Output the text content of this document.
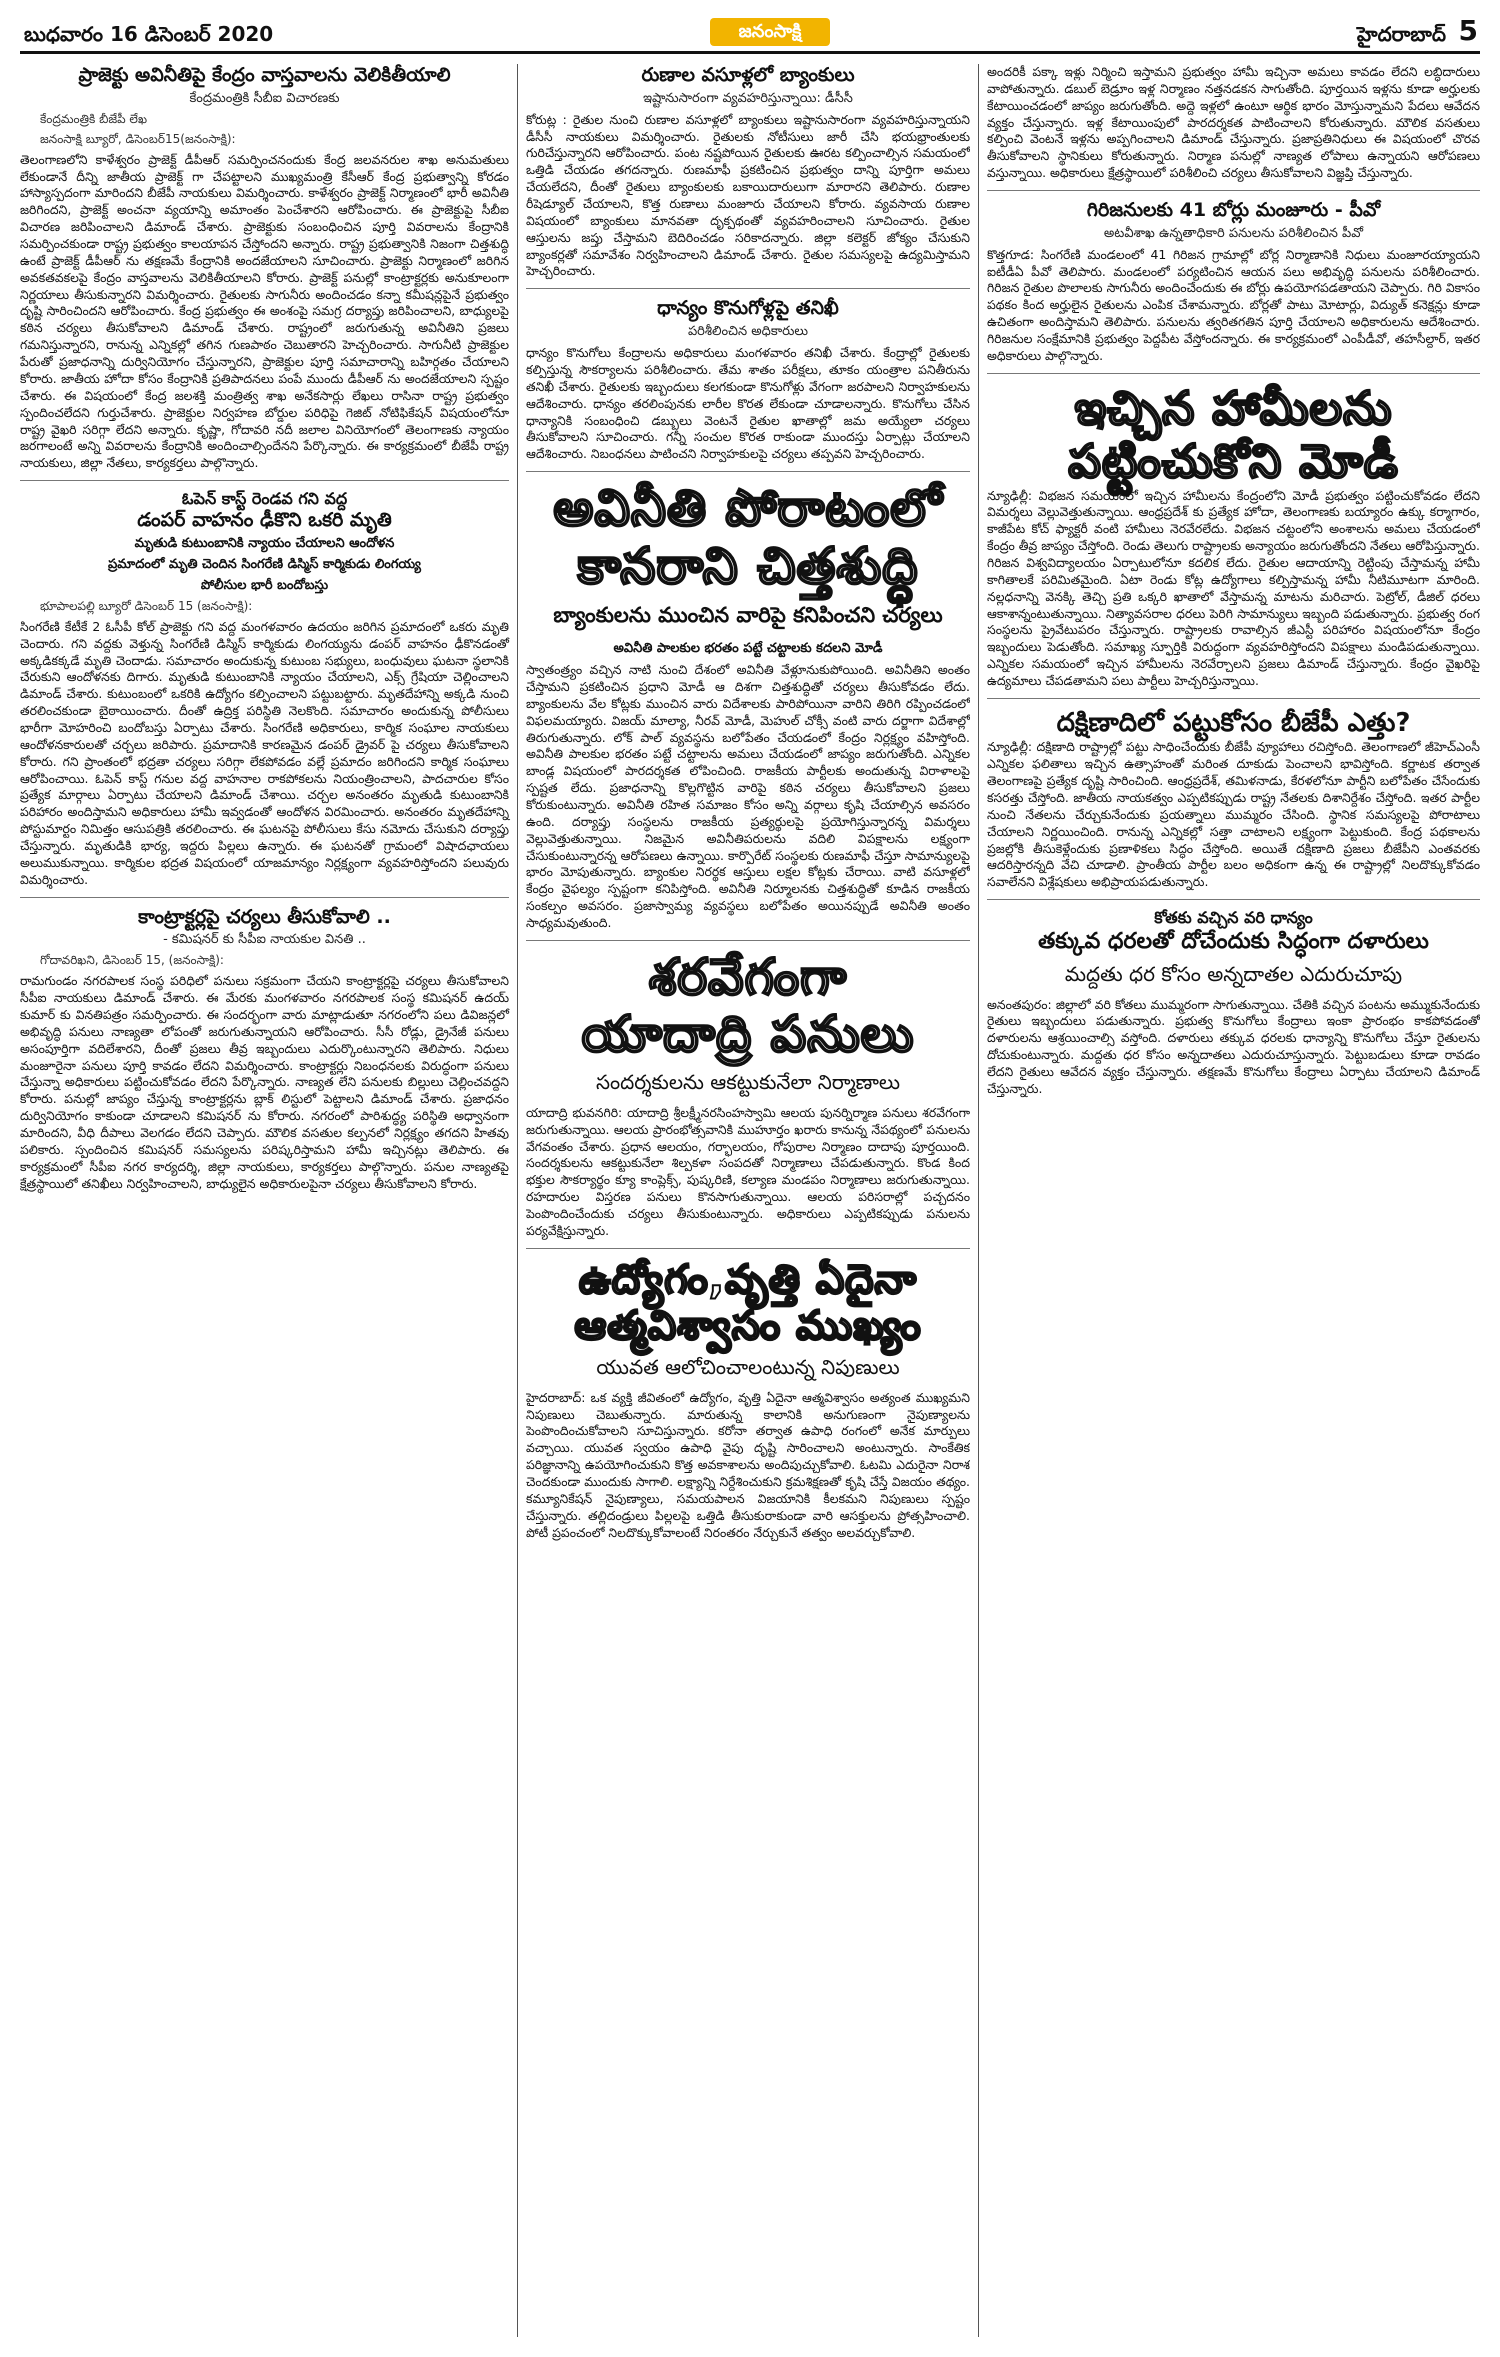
బుధవారం 16 డిసెంబర్ 2020	జనంసాక్షి	హైదరాబాద్ 5
ప్రాజెక్టు అవినీతిపై కేంద్రం వాస్తవాలను వెలికితీయాలి
కేంద్రమంత్రికి సీబీఐ విచారణకు
కేంద్రమంత్రికి బీజేపీ లేఖ
జనంసాక్షి బ్యూరో, డిసెంబర్15(జనంసాక్షి):
తెలంగాణలోని కాళేశ్వరం ప్రాజెక్ట్ డీపీఆర్ సమర్పించనందుకు కేంద్ర జలవనరుల శాఖ అనుమతులు లేకుండానే దీన్ని జాతీయ ప్రాజెక్ట్ గా చేపట్టాలని ముఖ్యమంత్రి కేసీఆర్ కేంద్ర ప్రభుత్వాన్ని కోరడం హాస్యాస్పదంగా మారిందని బీజేపీ నాయకులు విమర్శించారు. కాళేశ్వరం ప్రాజెక్ట్ నిర్మాణంలో భారీ అవినీతి జరిగిందని, ప్రాజెక్ట్ అంచనా వ్యయాన్ని అమాంతం పెంచేశారని ఆరోపించారు. ఈ ప్రాజెక్టుపై సీబీఐ విచారణ జరిపించాలని డిమాండ్ చేశారు. ప్రాజెక్టుకు సంబంధించిన పూర్తి వివరాలను కేంద్రానికి సమర్పించకుండా రాష్ట్ర ప్రభుత్వం కాలయాపన చేస్తోందని అన్నారు. రాష్ట్ర ప్రభుత్వానికి నిజంగా చిత్తశుద్ధి ఉంటే ప్రాజెక్ట్ డీపీఆర్ ను తక్షణమే కేంద్రానికి అందజేయాలని సూచించారు. ప్రాజెక్టు నిర్మాణంలో జరిగిన అవకతవకలపై కేంద్రం వాస్తవాలను వెలికితీయాలని కోరారు. ప్రాజెక్ట్ పనుల్లో కాంట్రాక్టర్లకు అనుకూలంగా నిర్ణయాలు తీసుకున్నారని విమర్శించారు. రైతులకు సాగునీరు అందించడం కన్నా కమీషన్లపైనే ప్రభుత్వం దృష్టి సారించిందని ఆరోపించారు. కేంద్ర ప్రభుత్వం ఈ అంశంపై సమగ్ర దర్యాప్తు జరిపించాలని, బాధ్యులపై కఠిన చర్యలు తీసుకోవాలని డిమాండ్ చేశారు. రాష్ట్రంలో జరుగుతున్న అవినీతిని ప్రజలు గమనిస్తున్నారని, రానున్న ఎన్నికల్లో తగిన గుణపాఠం చెబుతారని హెచ్చరించారు. సాగునీటి ప్రాజెక్టుల పేరుతో ప్రజాధనాన్ని దుర్వినియోగం చేస్తున్నారని, ప్రాజెక్టుల పూర్తి సమాచారాన్ని బహిర్గతం చేయాలని కోరారు. జాతీయ హోదా కోసం కేంద్రానికి ప్రతిపాదనలు పంపే ముందు డీపీఆర్ ను అందజేయాలని స్పష్టం చేశారు. ఈ విషయంలో కేంద్ర జలశక్తి మంత్రిత్వ శాఖ అనేకసార్లు లేఖలు రాసినా రాష్ట్ర ప్రభుత్వం స్పందించలేదని గుర్తుచేశారు. ప్రాజెక్టుల నిర్వహణ బోర్డుల పరిధిపై గెజిట్ నోటిఫికేషన్ విషయంలోనూ రాష్ట్ర వైఖరి సరిగ్గా లేదని అన్నారు. కృష్ణా, గోదావరి నదీ జలాల వినియోగంలో తెలంగాణకు న్యాయం జరగాలంటే అన్ని వివరాలను కేంద్రానికి అందించాల్సిందేనని పేర్కొన్నారు. ఈ కార్యక్రమంలో బీజేపీ రాష్ట్ర నాయకులు, జిల్లా నేతలు, కార్యకర్తలు పాల్గొన్నారు.
ఓపెన్ కాస్ట్ రెండవ గని వద్ద
డంపర్ వాహనం ఢీకొని ఒకరి మృతి
మృతుడి కుటుంబానికి న్యాయం చేయాలని ఆందోళన
ప్రమాదంలో మృతి చెందిన సింగరేణి డిస్మిస్ కార్మికుడు లింగయ్య
పోలీసుల భారీ బందోబస్తు
భూపాలపల్లి బ్యూరో డిసెంబర్ 15 (జనంసాక్షి):
సింగరేణి కేటీకే 2 ఓసీపీ కోల్ ప్రాజెక్టు గని వద్ద మంగళవారం ఉదయం జరిగిన ప్రమాదంలో ఒకరు మృతి చెందారు. గని వద్దకు వెళ్తున్న సింగరేణి డిస్మిస్ కార్మికుడు లింగయ్యను డంపర్ వాహనం ఢీకొనడంతో అక్కడికక్కడే మృతి చెందాడు. సమాచారం అందుకున్న కుటుంబ సభ్యులు, బంధువులు ఘటనా స్థలానికి చేరుకుని ఆందోళనకు దిగారు. మృతుడి కుటుంబానికి న్యాయం చేయాలని, ఎక్స్ గ్రేషియా చెల్లించాలని డిమాండ్ చేశారు. కుటుంబంలో ఒకరికి ఉద్యోగం కల్పించాలని పట్టుబట్టారు. మృతదేహాన్ని అక్కడి నుంచి తరలించకుండా బైఠాయించారు. దీంతో ఉద్రిక్త పరిస్థితి నెలకొంది. సమాచారం అందుకున్న పోలీసులు భారీగా మోహరించి బందోబస్తు ఏర్పాటు చేశారు. సింగరేణి అధికారులు, కార్మిక సంఘాల నాయకులు ఆందోళనకారులతో చర్చలు జరిపారు. ప్రమాదానికి కారణమైన డంపర్ డ్రైవర్ పై చర్యలు తీసుకోవాలని కోరారు. గని ప్రాంతంలో భద్రతా చర్యలు సరిగ్గా లేకపోవడం వల్లే ప్రమాదం జరిగిందని కార్మిక సంఘాలు ఆరోపించాయి. ఓపెన్ కాస్ట్ గనుల వద్ద వాహనాల రాకపోకలను నియంత్రించాలని, పాదచారుల కోసం ప్రత్యేక మార్గాలు ఏర్పాటు చేయాలని డిమాండ్ చేశాయి. చర్చల అనంతరం మృతుడి కుటుంబానికి పరిహారం అందిస్తామని అధికారులు హామీ ఇవ్వడంతో ఆందోళన విరమించారు. అనంతరం మృతదేహాన్ని పోస్టుమార్టం నిమిత్తం ఆసుపత్రికి తరలించారు. ఈ ఘటనపై పోలీసులు కేసు నమోదు చేసుకుని దర్యాప్తు చేస్తున్నారు. మృతుడికి భార్య, ఇద్దరు పిల్లలు ఉన్నారు. ఈ ఘటనతో గ్రామంలో విషాదఛాయలు అలుముకున్నాయి. కార్మికుల భద్రత విషయంలో యాజమాన్యం నిర్లక్ష్యంగా వ్యవహరిస్తోందని పలువురు విమర్శించారు.
కాంట్రాక్టర్లపై చర్యలు తీసుకోవాలి ..
- కమిషనర్ కు సీపీఐ నాయకుల వినతి ..
గోదావరిఖని, డిసెంబర్ 15, (జనంసాక్షి):
రామగుండం నగరపాలక సంస్థ పరిధిలో పనులు సక్రమంగా చేయని కాంట్రాక్టర్లపై చర్యలు తీసుకోవాలని సీపీఐ నాయకులు డిమాండ్ చేశారు. ఈ మేరకు మంగళవారం నగరపాలక సంస్థ కమిషనర్ ఉదయ్ కుమార్ కు వినతిపత్రం సమర్పించారు. ఈ సందర్భంగా వారు మాట్లాడుతూ నగరంలోని పలు డివిజన్లలో అభివృద్ధి పనులు నాణ్యతా లోపంతో జరుగుతున్నాయని ఆరోపించారు. సీసీ రోడ్లు, డ్రైనేజీ పనులు అసంపూర్తిగా వదిలేశారని, దీంతో ప్రజలు తీవ్ర ఇబ్బందులు ఎదుర్కొంటున్నారని తెలిపారు. నిధులు మంజూరైనా పనులు పూర్తి కావడం లేదని విమర్శించారు. కాంట్రాక్టర్లు నిబంధనలకు విరుద్ధంగా పనులు చేస్తున్నా అధికారులు పట్టించుకోవడం లేదని పేర్కొన్నారు. నాణ్యత లేని పనులకు బిల్లులు చెల్లించవద్దని కోరారు. పనుల్లో జాప్యం చేస్తున్న కాంట్రాక్టర్లను బ్లాక్ లిస్టులో పెట్టాలని డిమాండ్ చేశారు. ప్రజాధనం దుర్వినియోగం కాకుండా చూడాలని కమిషనర్ ను కోరారు. నగరంలో పారిశుద్ధ్య పరిస్థితి అధ్వానంగా మారిందని, వీధి దీపాలు వెలగడం లేదని చెప్పారు. మౌలిక వసతుల కల్పనలో నిర్లక్ష్యం తగదని హితవు పలికారు. స్పందించిన కమిషనర్ సమస్యలను పరిష్కరిస్తామని హామీ ఇచ్చినట్లు తెలిపారు. ఈ కార్యక్రమంలో సీపీఐ నగర కార్యదర్శి, జిల్లా నాయకులు, కార్యకర్తలు పాల్గొన్నారు. పనుల నాణ్యతపై క్షేత్రస్థాయిలో తనిఖీలు నిర్వహించాలని, బాధ్యులైన అధికారులపైనా చర్యలు తీసుకోవాలని కోరారు.
రుణాల వసూళ్లలో బ్యాంకులు
ఇష్టానుసారంగా వ్యవహరిస్తున్నాయి: డీసీసీ
కోరుట్ల : రైతుల నుంచి రుణాల వసూళ్లలో బ్యాంకులు ఇష్టానుసారంగా వ్యవహరిస్తున్నాయని డీసీసీ నాయకులు విమర్శించారు. రైతులకు నోటీసులు జారీ చేసి భయభ్రాంతులకు గురిచేస్తున్నారని ఆరోపించారు. పంట నష్టపోయిన రైతులకు ఊరట కల్పించాల్సిన సమయంలో ఒత్తిడి చేయడం తగదన్నారు. రుణమాఫీ ప్రకటించిన ప్రభుత్వం దాన్ని పూర్తిగా అమలు చేయలేదని, దీంతో రైతులు బ్యాంకులకు బకాయిదారులుగా మారారని తెలిపారు. రుణాల రీషెడ్యూల్ చేయాలని, కొత్త రుణాలు మంజూరు చేయాలని కోరారు. వ్యవసాయ రుణాల విషయంలో బ్యాంకులు మానవతా దృక్పథంతో వ్యవహరించాలని సూచించారు. రైతుల ఆస్తులను జప్తు చేస్తామని బెదిరించడం సరికాదన్నారు. జిల్లా కలెక్టర్ జోక్యం చేసుకుని బ్యాంకర్లతో సమావేశం నిర్వహించాలని డిమాండ్ చేశారు. రైతుల సమస్యలపై ఉద్యమిస్తామని హెచ్చరించారు.
ధాన్యం కొనుగోళ్లపై తనిఖీ
పరిశీలించిన అధికారులు
ధాన్యం కొనుగోలు కేంద్రాలను అధికారులు మంగళవారం తనిఖీ చేశారు. కేంద్రాల్లో రైతులకు కల్పిస్తున్న సౌకర్యాలను పరిశీలించారు. తేమ శాతం పరీక్షలు, తూకం యంత్రాల పనితీరును తనిఖీ చేశారు. రైతులకు ఇబ్బందులు కలగకుండా కొనుగోళ్లు వేగంగా జరపాలని నిర్వాహకులను ఆదేశించారు. ధాన్యం తరలింపునకు లారీల కొరత లేకుండా చూడాలన్నారు. కొనుగోలు చేసిన ధాన్యానికి సంబంధించి డబ్బులు వెంటనే రైతుల ఖాతాల్లో జమ అయ్యేలా చర్యలు తీసుకోవాలని సూచించారు. గన్నీ సంచుల కొరత రాకుండా ముందస్తు ఏర్పాట్లు చేయాలని ఆదేశించారు. నిబంధనలు పాటించని నిర్వాహకులపై చర్యలు తప్పవని హెచ్చరించారు.
అవినీతి పోరాటంలో
కానరాని చిత్తశుద్ధి
బ్యాంకులను ముంచిన వారిపై కనిపించని చర్యలు
అవినీతి పాలకుల భరతం పట్టే చట్టాలకు కదలని మోడీ
స్వాతంత్ర్యం వచ్చిన నాటి నుంచి దేశంలో అవినీతి వేళ్లూనుకుపోయింది. అవినీతిని అంతం చేస్తామని ప్రకటించిన ప్రధాని మోడీ ఆ దిశగా చిత్తశుద్ధితో చర్యలు తీసుకోవడం లేదు. బ్యాంకులను వేల కోట్లకు ముంచిన వారు విదేశాలకు పారిపోయినా వారిని తిరిగి రప్పించడంలో విఫలమయ్యారు. విజయ్ మాల్యా, నీరవ్ మోడీ, మెహుల్ చోక్సీ వంటి వారు దర్జాగా విదేశాల్లో తిరుగుతున్నారు. లోక్ పాల్ వ్యవస్థను బలోపేతం చేయడంలో కేంద్రం నిర్లక్ష్యం వహిస్తోంది. అవినీతి పాలకుల భరతం పట్టే చట్టాలను అమలు చేయడంలో జాప్యం జరుగుతోంది. ఎన్నికల బాండ్ల విషయంలో పారదర్శకత లోపించింది. రాజకీయ పార్టీలకు అందుతున్న విరాళాలపై స్పష్టత లేదు. ప్రజాధనాన్ని కొల్లగొట్టిన వారిపై కఠిన చర్యలు తీసుకోవాలని ప్రజలు కోరుకుంటున్నారు. అవినీతి రహిత సమాజం కోసం అన్ని వర్గాలు కృషి చేయాల్సిన అవసరం ఉంది. దర్యాప్తు సంస్థలను రాజకీయ ప్రత్యర్థులపై ప్రయోగిస్తున్నారన్న విమర్శలు వెల్లువెత్తుతున్నాయి. నిజమైన అవినీతిపరులను వదిలి విపక్షాలను లక్ష్యంగా చేసుకుంటున్నారన్న ఆరోపణలు ఉన్నాయి. కార్పొరేట్ సంస్థలకు రుణమాఫీ చేస్తూ సామాన్యులపై భారం మోపుతున్నారు. బ్యాంకుల నిరర్థక ఆస్తులు లక్షల కోట్లకు చేరాయి. వాటి వసూళ్లలో కేంద్రం వైఫల్యం స్పష్టంగా కనిపిస్తోంది. అవినీతి నిర్మూలనకు చిత్తశుద్ధితో కూడిన రాజకీయ సంకల్పం అవసరం. ప్రజాస్వామ్య వ్యవస్థలు బలోపేతం అయినప్పుడే అవినీతి అంతం సాధ్యమవుతుంది.
శరవేగంగా
యాదాద్రి పనులు
సందర్శకులను ఆకట్టుకునేలా నిర్మాణాలు
యాదాద్రి భువనగిరి: యాదాద్రి శ్రీలక్ష్మీనరసింహస్వామి ఆలయ పునర్నిర్మాణ పనులు శరవేగంగా జరుగుతున్నాయి. ఆలయ ప్రారంభోత్సవానికి ముహూర్తం ఖరారు కానున్న నేపథ్యంలో పనులను వేగవంతం చేశారు. ప్రధాన ఆలయం, గర్భాలయం, గోపురాల నిర్మాణం దాదాపు పూర్తయింది. సందర్శకులను ఆకట్టుకునేలా శిల్పకళా సంపదతో నిర్మాణాలు చేపడుతున్నారు. కొండ కింద భక్తుల సౌకర్యార్థం క్యూ కాంప్లెక్స్, పుష్కరిణి, కల్యాణ మండపం నిర్మాణాలు జరుగుతున్నాయి. రహదారుల విస్తరణ పనులు కొనసాగుతున్నాయి. ఆలయ పరిసరాల్లో పచ్చదనం పెంపొందించేందుకు చర్యలు తీసుకుంటున్నారు. అధికారులు ఎప్పటికప్పుడు పనులను పర్యవేక్షిస్తున్నారు.
ఉద్యోగం,వృత్తి ఏదైనా
ఆత్మవిశ్వాసం ముఖ్యం
యువత ఆలోచించాలంటున్న నిపుణులు
హైదరాబాద్: ఒక వ్యక్తి జీవితంలో ఉద్యోగం, వృత్తి ఏదైనా ఆత్మవిశ్వాసం అత్యంత ముఖ్యమని నిపుణులు చెబుతున్నారు. మారుతున్న కాలానికి అనుగుణంగా నైపుణ్యాలను పెంపొందించుకోవాలని సూచిస్తున్నారు. కరోనా తర్వాత ఉపాధి రంగంలో అనేక మార్పులు వచ్చాయి. యువత స్వయం ఉపాధి వైపు దృష్టి సారించాలని అంటున్నారు. సాంకేతిక పరిజ్ఞానాన్ని ఉపయోగించుకుని కొత్త అవకాశాలను అందిపుచ్చుకోవాలి. ఓటమి ఎదురైనా నిరాశ చెందకుండా ముందుకు సాగాలి. లక్ష్యాన్ని నిర్దేశించుకుని క్రమశిక్షణతో కృషి చేస్తే విజయం తథ్యం. కమ్యూనికేషన్ నైపుణ్యాలు, సమయపాలన విజయానికి కీలకమని నిపుణులు స్పష్టం చేస్తున్నారు. తల్లిదండ్రులు పిల్లలపై ఒత్తిడి తీసుకురాకుండా వారి ఆసక్తులను ప్రోత్సహించాలి. పోటీ ప్రపంచంలో నిలదొక్కుకోవాలంటే నిరంతరం నేర్చుకునే తత్వం అలవర్చుకోవాలి.
అందరికీ పక్కా ఇళ్లు నిర్మించి ఇస్తామని ప్రభుత్వం హామీ ఇచ్చినా అమలు కావడం లేదని లబ్ధిదారులు వాపోతున్నారు. డబుల్ బెడ్రూం ఇళ్ల నిర్మాణం నత్తనడకన సాగుతోంది. పూర్తయిన ఇళ్లను కూడా అర్హులకు కేటాయించడంలో జాప్యం జరుగుతోంది. అద్దె ఇళ్లలో ఉంటూ ఆర్థిక భారం మోస్తున్నామని పేదలు ఆవేదన వ్యక్తం చేస్తున్నారు. ఇళ్ల కేటాయింపులో పారదర్శకత పాటించాలని కోరుతున్నారు. మౌలిక వసతులు కల్పించి వెంటనే ఇళ్లను అప్పగించాలని డిమాండ్ చేస్తున్నారు. ప్రజాప్రతినిధులు ఈ విషయంలో చొరవ తీసుకోవాలని స్థానికులు కోరుతున్నారు. నిర్మాణ పనుల్లో నాణ్యత లోపాలు ఉన్నాయని ఆరోపణలు వస్తున్నాయి. అధికారులు క్షేత్రస్థాయిలో పరిశీలించి చర్యలు తీసుకోవాలని విజ్ఞప్తి చేస్తున్నారు.
గిరిజనులకు 41 బోర్లు మంజూరు - పీవో
అటవీశాఖ ఉన్నతాధికారి పనులను పరిశీలించిన పీవో
కొత్తగూడ: సింగరేణి మండలంలో 41 గిరిజన గ్రామాల్లో బోర్ల నిర్మాణానికి నిధులు మంజూరయ్యాయని ఐటీడీఏ పీవో తెలిపారు. మండలంలో పర్యటించిన ఆయన పలు అభివృద్ధి పనులను పరిశీలించారు. గిరిజన రైతుల పొలాలకు సాగునీరు అందించేందుకు ఈ బోర్లు ఉపయోగపడతాయని చెప్పారు. గిరి వికాసం పథకం కింద అర్హులైన రైతులను ఎంపిక చేశామన్నారు. బోర్లతో పాటు మోటార్లు, విద్యుత్ కనెక్షన్లు కూడా ఉచితంగా అందిస్తామని తెలిపారు. పనులను త్వరితగతిన పూర్తి చేయాలని అధికారులను ఆదేశించారు. గిరిజనుల సంక్షేమానికి ప్రభుత్వం పెద్దపీట వేస్తోందన్నారు. ఈ కార్యక్రమంలో ఎంపీడీవో, తహసీల్దార్, ఇతర అధికారులు పాల్గొన్నారు.
ఇచ్చిన హామీలను
పట్టించుకోని మోడీ
న్యూఢిల్లీ: విభజన సమయంలో ఇచ్చిన హామీలను కేంద్రంలోని మోడీ ప్రభుత్వం పట్టించుకోవడం లేదని విమర్శలు వెల్లువెత్తుతున్నాయి. ఆంధ్రప్రదేశ్ కు ప్రత్యేక హోదా, తెలంగాణకు బయ్యారం ఉక్కు కర్మాగారం, కాజీపేట కోచ్ ఫ్యాక్టరీ వంటి హామీలు నెరవేరలేదు. విభజన చట్టంలోని అంశాలను అమలు చేయడంలో కేంద్రం తీవ్ర జాప్యం చేస్తోంది. రెండు తెలుగు రాష్ట్రాలకు అన్యాయం జరుగుతోందని నేతలు ఆరోపిస్తున్నారు. గిరిజన విశ్వవిద్యాలయం ఏర్పాటులోనూ కదలిక లేదు. రైతుల ఆదాయాన్ని రెట్టింపు చేస్తామన్న హామీ కాగితాలకే పరిమితమైంది. ఏటా రెండు కోట్ల ఉద్యోగాలు కల్పిస్తామన్న హామీ నీటిమూటగా మారింది. నల్లధనాన్ని వెనక్కి తెచ్చి ప్రతి ఒక్కరి ఖాతాలో వేస్తామన్న మాటను మరిచారు. పెట్రోల్, డీజిల్ ధరలు ఆకాశాన్నంటుతున్నాయి. నిత్యావసరాల ధరలు పెరిగి సామాన్యులు ఇబ్బంది పడుతున్నారు. ప్రభుత్వ రంగ సంస్థలను ప్రైవేటుపరం చేస్తున్నారు. రాష్ట్రాలకు రావాల్సిన జీఎస్టీ పరిహారం విషయంలోనూ కేంద్రం ఇబ్బందులు పెడుతోంది. సమాఖ్య స్ఫూర్తికి విరుద్ధంగా వ్యవహరిస్తోందని విపక్షాలు మండిపడుతున్నాయి. ఎన్నికల సమయంలో ఇచ్చిన హామీలను నెరవేర్చాలని ప్రజలు డిమాండ్ చేస్తున్నారు. కేంద్రం వైఖరిపై ఉద్యమాలు చేపడతామని పలు పార్టీలు హెచ్చరిస్తున్నాయి.
దక్షిణాదిలో పట్టుకోసం బీజేపీ ఎత్తు?
న్యూఢిల్లీ: దక్షిణాది రాష్ట్రాల్లో పట్టు సాధించేందుకు బీజేపీ వ్యూహాలు రచిస్తోంది. తెలంగాణలో జీహెచ్ఎంసీ ఎన్నికల ఫలితాలు ఇచ్చిన ఉత్సాహంతో మరింత దూకుడు పెంచాలని భావిస్తోంది. కర్ణాటక తర్వాత తెలంగాణపై ప్రత్యేక దృష్టి సారించింది. ఆంధ్రప్రదేశ్, తమిళనాడు, కేరళలోనూ పార్టీని బలోపేతం చేసేందుకు కసరత్తు చేస్తోంది. జాతీయ నాయకత్వం ఎప్పటికప్పుడు రాష్ట్ర నేతలకు దిశానిర్దేశం చేస్తోంది. ఇతర పార్టీల నుంచి నేతలను చేర్చుకునేందుకు ప్రయత్నాలు ముమ్మరం చేసింది. స్థానిక సమస్యలపై పోరాటాలు చేయాలని నిర్ణయించింది. రానున్న ఎన్నికల్లో సత్తా చాటాలని లక్ష్యంగా పెట్టుకుంది. కేంద్ర పథకాలను ప్రజల్లోకి తీసుకెళ్లేందుకు ప్రణాళికలు సిద్ధం చేస్తోంది. అయితే దక్షిణాది ప్రజలు బీజేపీని ఎంతవరకు ఆదరిస్తారన్నది వేచి చూడాలి. ప్రాంతీయ పార్టీల బలం అధికంగా ఉన్న ఈ రాష్ట్రాల్లో నిలదొక్కుకోవడం సవాలేనని విశ్లేషకులు అభిప్రాయపడుతున్నారు.
కోతకు వచ్చిన వరి ధాన్యం
తక్కువ ధరలతో దోచేందుకు సిద్ధంగా దళారులు
మద్దతు ధర కోసం అన్నదాతల ఎదురుచూపు
అనంతపురం: జిల్లాలో వరి కోతలు ముమ్మరంగా సాగుతున్నాయి. చేతికి వచ్చిన పంటను అమ్ముకునేందుకు రైతులు ఇబ్బందులు పడుతున్నారు. ప్రభుత్వ కొనుగోలు కేంద్రాలు ఇంకా ప్రారంభం కాకపోవడంతో దళారులను ఆశ్రయించాల్సి వస్తోంది. దళారులు తక్కువ ధరలకు ధాన్యాన్ని కొనుగోలు చేస్తూ రైతులను దోచుకుంటున్నారు. మద్దతు ధర కోసం అన్నదాతలు ఎదురుచూస్తున్నారు. పెట్టుబడులు కూడా రావడం లేదని రైతులు ఆవేదన వ్యక్తం చేస్తున్నారు. తక్షణమే కొనుగోలు కేంద్రాలు ఏర్పాటు చేయాలని డిమాండ్ చేస్తున్నారు.
